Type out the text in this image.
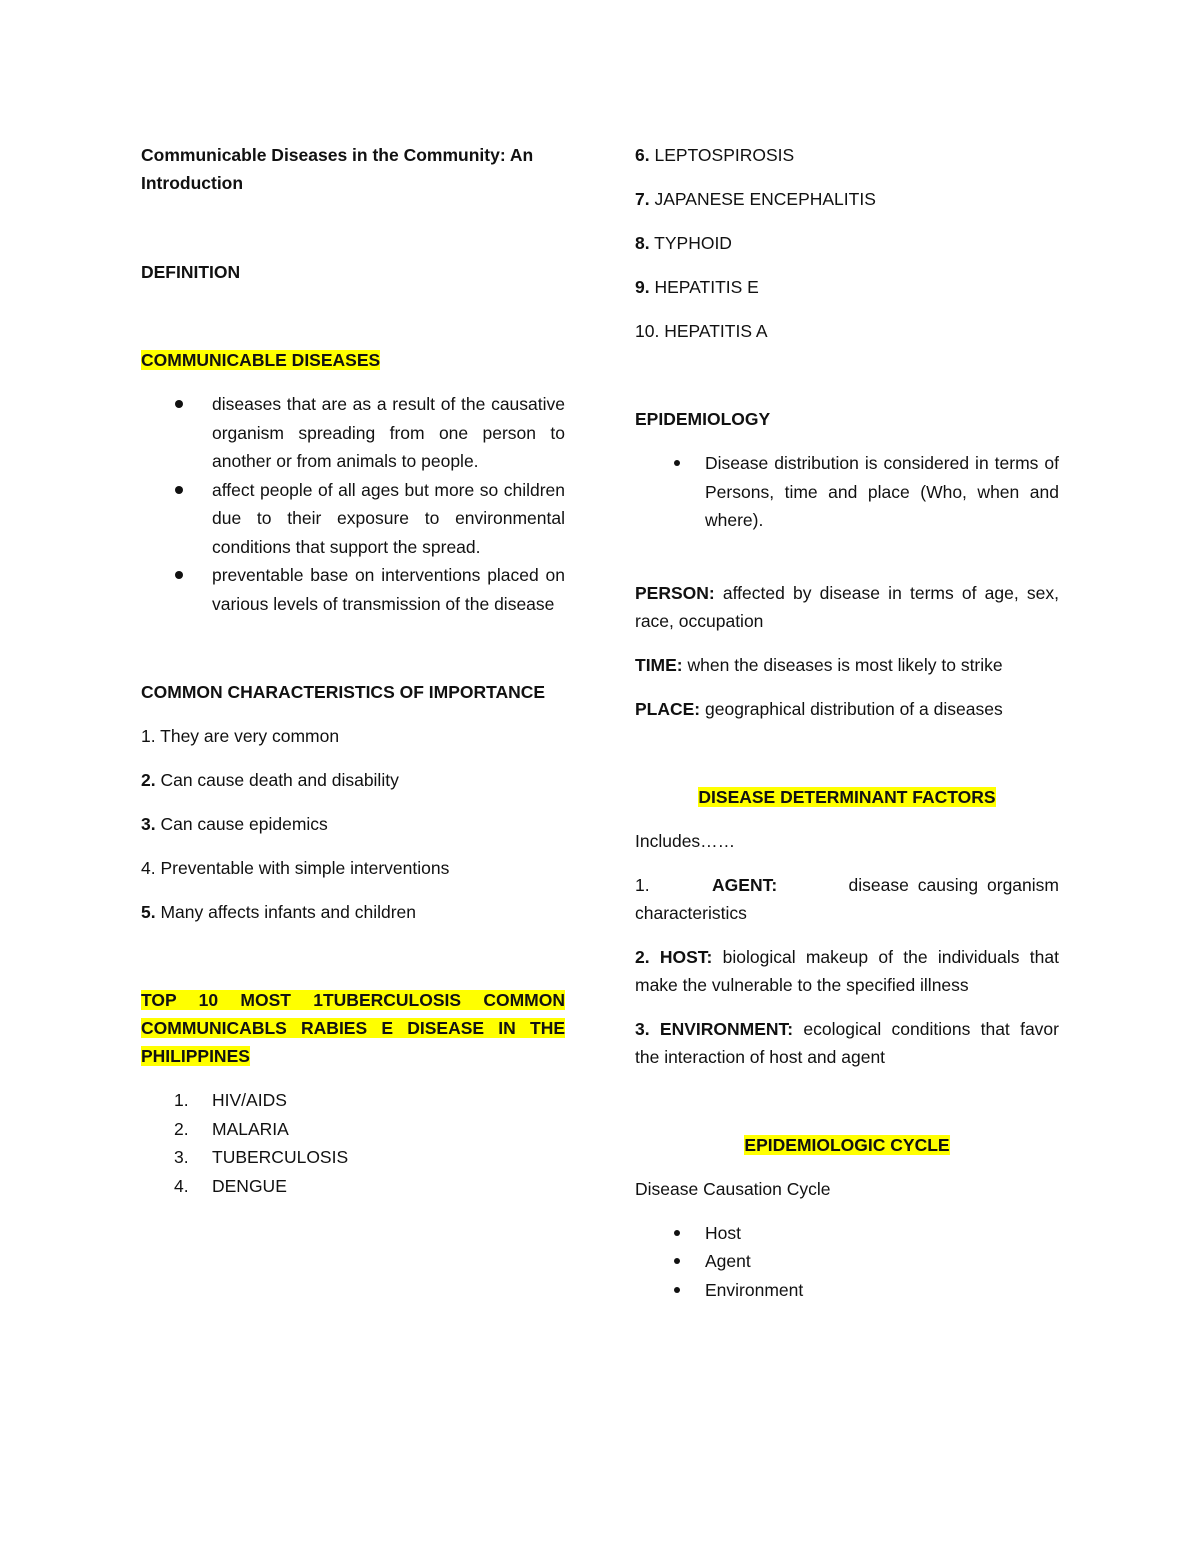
Communicable Diseases in the Community: An Introduction

DEFINITION

COMMUNICABLE DISEASES

diseases that are as a result of the causative organism spreading from one person to another or from animals to people.
affect people of all ages but more so children due to their exposure to environmental conditions that support the spread.
preventable base on interventions placed on various levels of transmission of the disease

COMMON CHARACTERISTICS OF IMPORTANCE

1. They are very common

2. Can cause death and disability

3. Can cause epidemics

4. Preventable with simple interventions

5. Many affects infants and children

TOP 10 MOST 1TUBERCULOSIS COMMON COMMUNICABLS RABIES E DISEASE IN THE PHILIPPINES

1. HIV/AIDS
2. MALARIA
3. TUBERCULOSIS
4. DENGUE

6. LEPTOSPIROSIS

7. JAPANESE ENCEPHALITIS

8. TYPHOID

9. HEPATITIS E

10. HEPATITIS A

EPIDEMIOLOGY

Disease distribution is considered in terms of Persons, time and place (Who, when and where).

PERSON: affected by disease in terms of age, sex, race, occupation

TIME: when the diseases is most likely to strike

PLACE: geographical distribution of a diseases

DISEASE DETERMINANT FACTORS

Includes……

1.	AGENT:	disease causing organism characteristics

2. HOST: biological makeup of the individuals that make the vulnerable to the specified illness

3. ENVIRONMENT: ecological conditions that favor the interaction of host and agent

EPIDEMIOLOGIC CYCLE

Disease Causation Cycle

Host
Agent
Environment
